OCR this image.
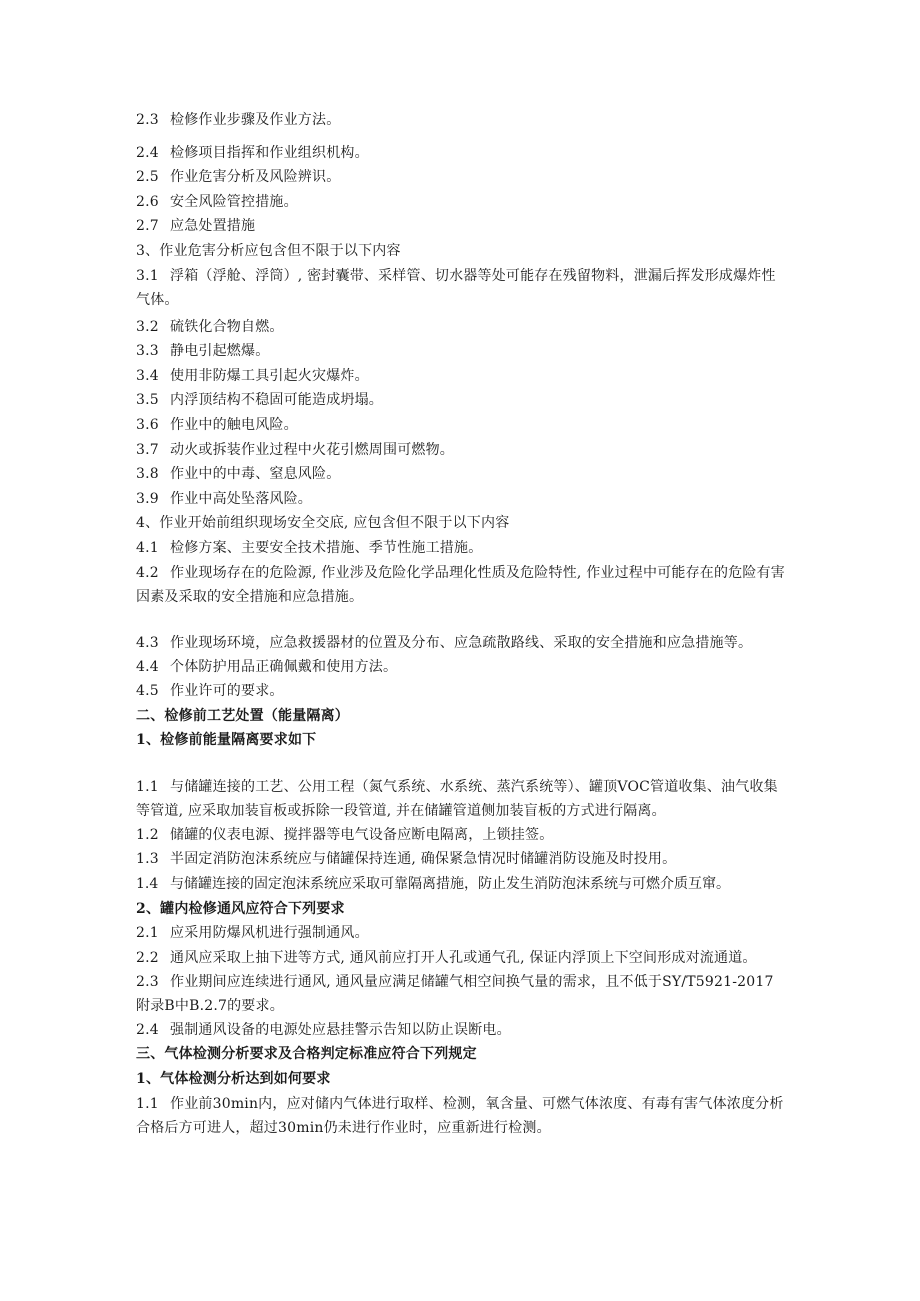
2.3 检修作业步骤及作业方法。

2.4 检修项目指挥和作业组织机构。

2.5 作业危害分析及风险辨识。

2.6 安全风险管控措施。

2.7 应急处置措施

3、作业危害分析应包含但不限于以下内容

3.1 浮箱（浮舱、浮筒）, 密封囊带、采样管、切水器等处可能存在残留物料，泄漏后挥发形成爆炸性气体。

3.2 硫铁化合物自燃。

3.3 静电引起燃爆。

3.4 使用非防爆工具引起火灾爆炸。

3.5 内浮顶结构不稳固可能造成坍塌。

3.6 作业中的触电风险。

3.7 动火或拆装作业过程中火花引燃周围可燃物。

3.8 作业中的中毒、窒息风险。

3.9 作业中高处坠落风险。

4、作业开始前组织现场安全交底, 应包含但不限于以下内容

4.1 检修方案、主要安全技术措施、季节性施工措施。

4.2 作业现场存在的危险源, 作业涉及危险化学品理化性质及危险特性, 作业过程中可能存在的危险有害因素及采取的安全措施和应急措施。

4.3 作业现场环境，应急救援器材的位置及分布、应急疏散路线、采取的安全措施和应急措施等。

4.4 个体防护用品正确佩戴和使用方法。

4.5 作业许可的要求。

二、检修前工艺处置（能量隔离）

1、检修前能量隔离要求如下

1.1 与储罐连接的工艺、公用工程（氮气系统、水系统、蒸汽系统等）、罐顶VOC管道收集、油气收集等管道, 应采取加装盲板或拆除一段管道, 并在储罐管道侧加装盲板的方式进行隔离。

1.2 储罐的仪表电源、搅拌器等电气设备应断电隔离，上锁挂签。

1.3 半固定消防泡沫系统应与储罐保持连通, 确保紧急情况时储罐消防设施及时投用。

1.4 与储罐连接的固定泡沫系统应采取可靠隔离措施，防止发生消防泡沫系统与可燃介质互窜。

2、罐内检修通风应符合下列要求

2.1 应采用防爆风机进行强制通风。

2.2 通风应采取上抽下进等方式, 通风前应打开人孔或通气孔, 保证内浮顶上下空间形成对流通道。

2.3 作业期间应连续进行通风, 通风量应满足储罐气相空间换气量的需求，且不低于SY/T5921-2017附录B中B.2.7的要求。

2.4 强制通风设备的电源处应悬挂警示告知以防止误断电。

三、气体检测分析要求及合格判定标准应符合下列规定

1、气体检测分析达到如何要求

1.1 作业前30min内，应对储内气体进行取样、检测，氧含量、可燃气体浓度、有毒有害气体浓度分析合格后方可进人，超过30min仍未进行作业时，应重新进行检测。
